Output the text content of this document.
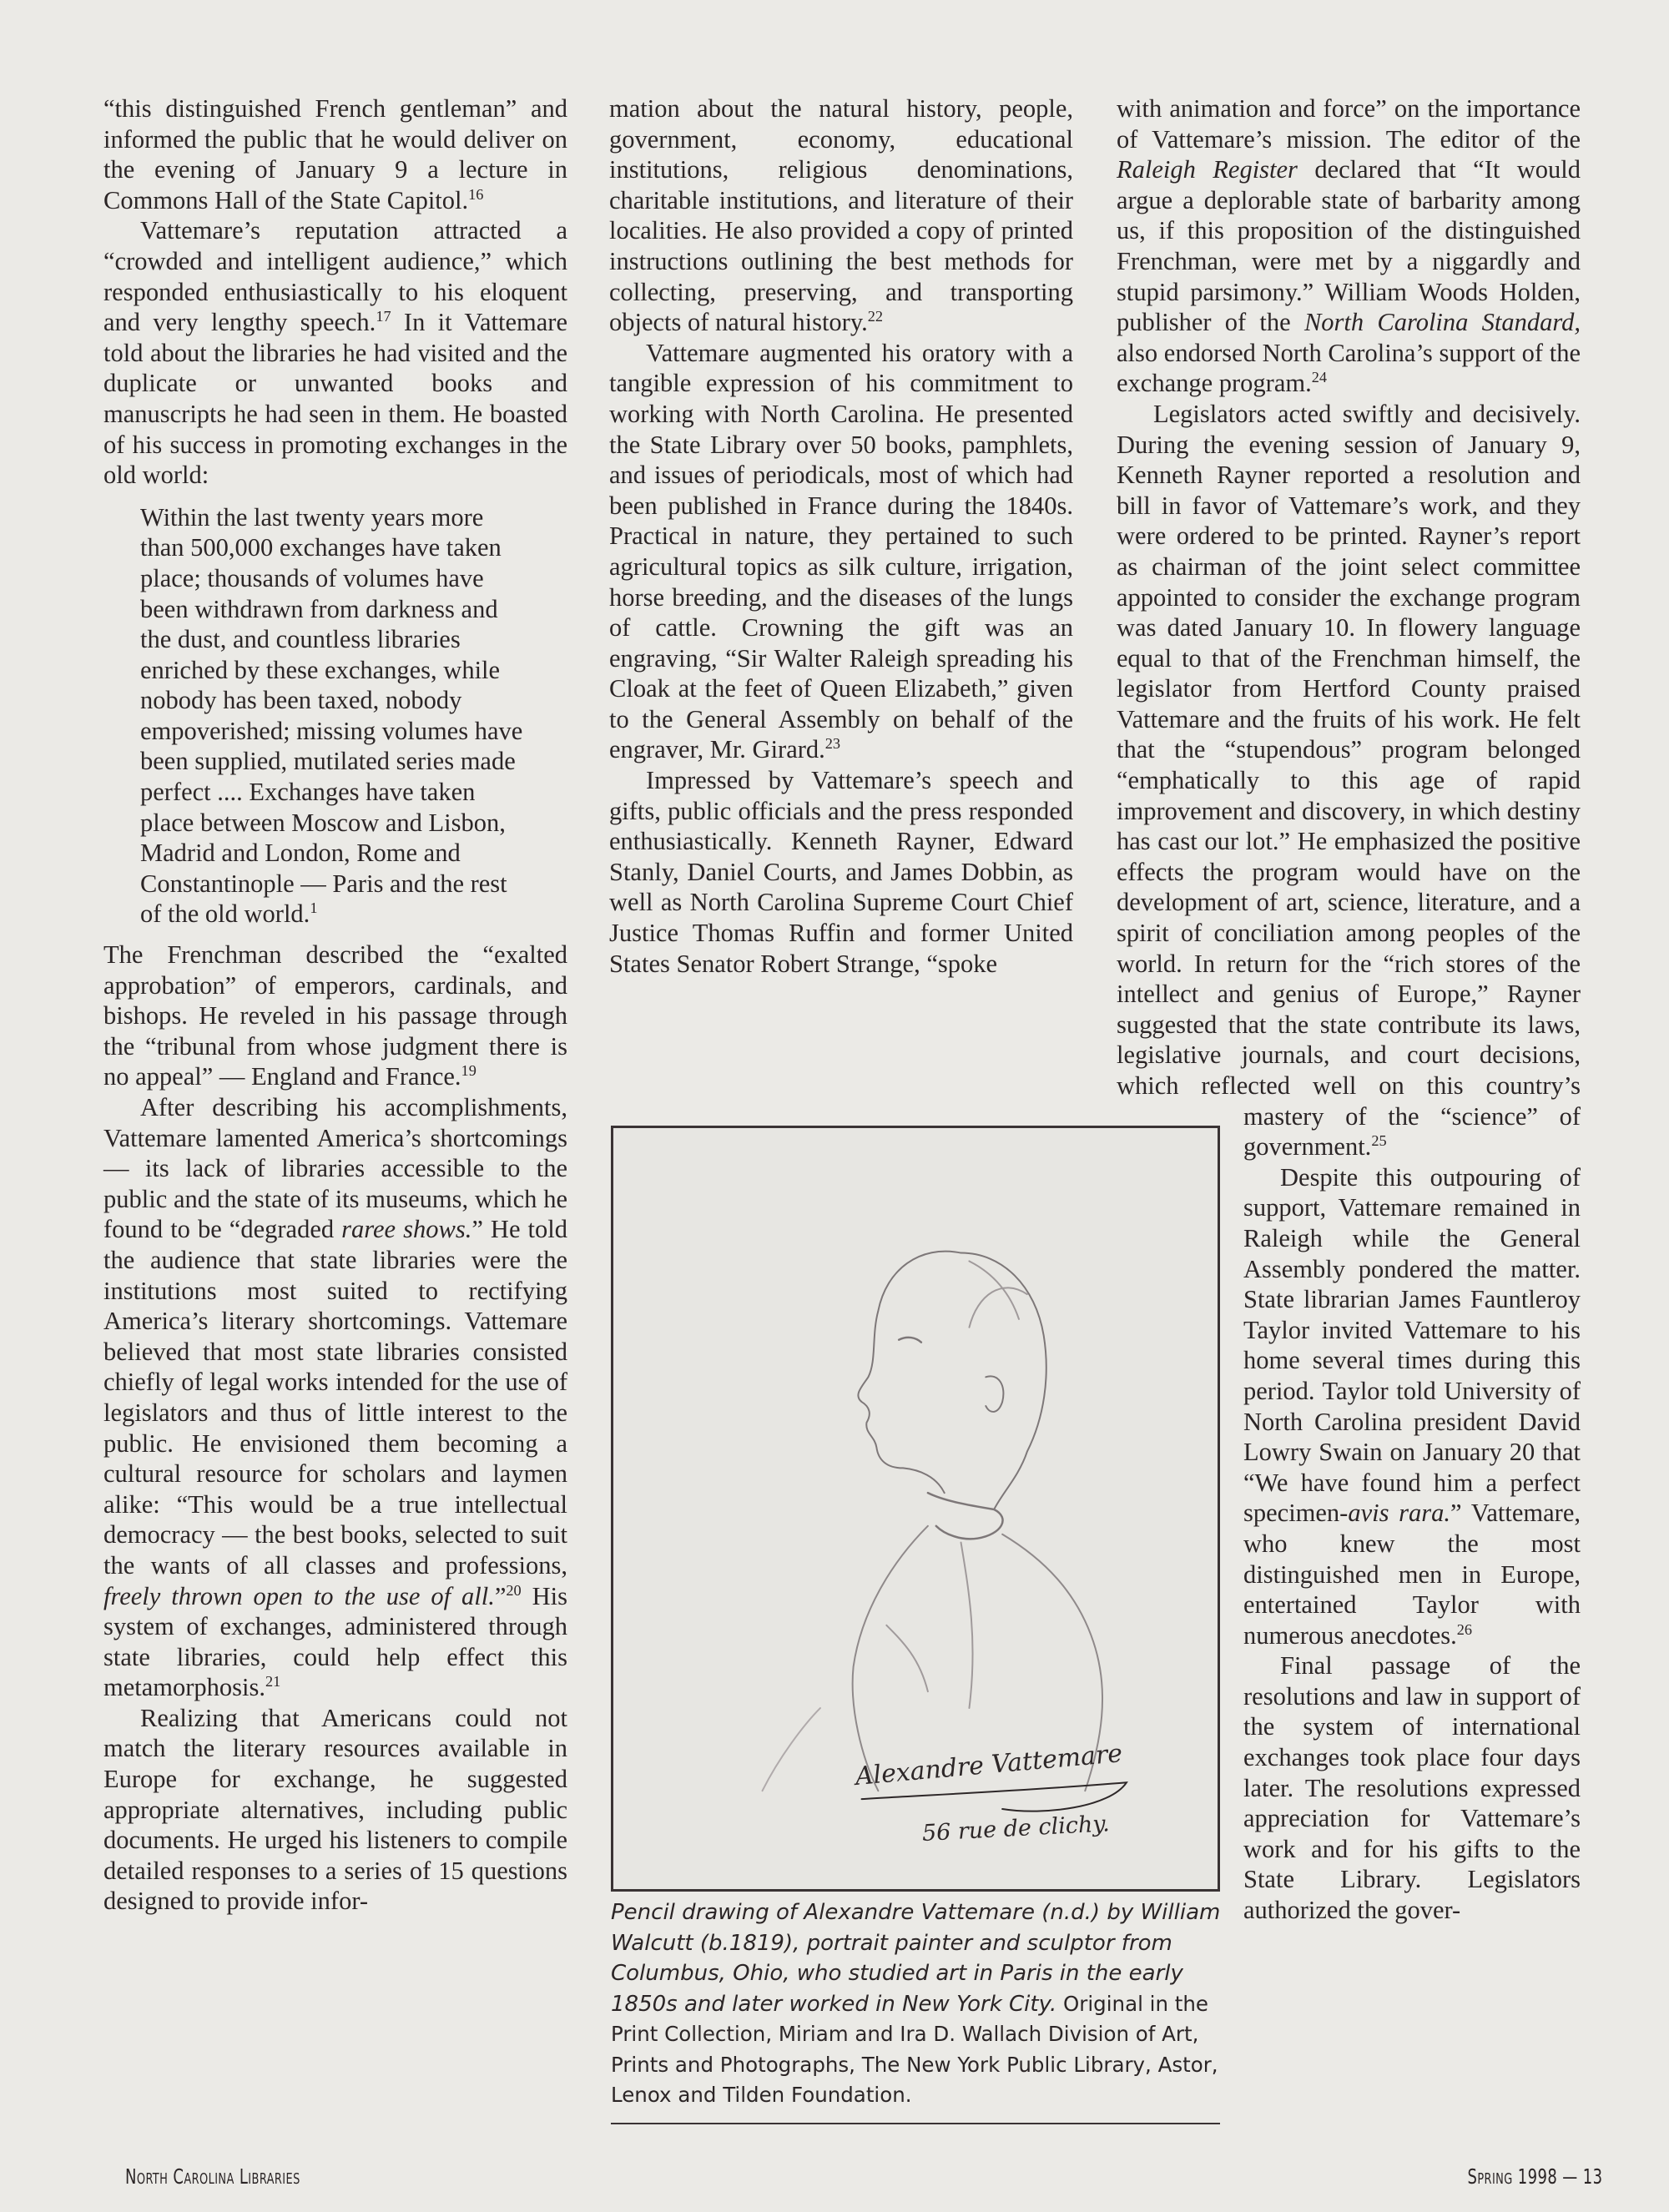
“this distinguished French gentleman” and informed the public that he would deliver on the evening of January 9 a lecture in Commons Hall of the State Capitol.$^{16}$

Vattemare’s reputation attracted a “crowded and intelligent audience,” which responded enthusiastically to his eloquent and very lengthy speech.$^{17}$ In it Vattemare told about the libraries he had visited and the duplicate or unwanted books and manuscripts he had seen in them. He boasted of his success in promoting exchanges in the old world:

Within the last twenty years more than 500,000 exchanges have taken place; thousands of volumes have been withdrawn from darkness and the dust, and countless libraries enriched by these exchanges, while nobody has been taxed, nobody empoverished; missing volumes have been supplied, mutilated series made perfect .... Exchanges have taken place between Moscow and Lisbon, Madrid and London, Rome and Constantinople — Paris and the rest of the old world.$^1$

The Frenchman described the “exalted approbation” of emperors, cardinals, and bishops. He reveled in his passage through the “tribunal from whose judgment there is no appeal” — England and France.$^{19}$

After describing his accomplishments, Vattemare lamented America’s shortcomings — its lack of libraries accessible to the public and the state of its museums, which he found to be “degraded raree shows.” He told the audience that state libraries were the institutions most suited to rectifying America’s literary shortcomings. Vattemare believed that most state libraries consisted chiefly of legal works intended for the use of legislators and thus of little interest to the public. He envisioned them becoming a cultural resource for scholars and laymen alike: “This would be a true intellectual democracy — the best books, selected to suit the wants of all classes and professions, freely thrown open to the use of all.”$^{20}$ His system of exchanges, administered through state libraries, could help effect this metamorphosis.$^{21}$

Realizing that Americans could not match the literary resources available in Europe for exchange, he suggested appropriate alternatives, including public documents. He urged his listeners to compile detailed responses to a series of 15 questions designed to provide infor-

mation about the natural history, people, government, economy, educational institutions, religious denominations, charitable institutions, and literature of their localities. He also provided a copy of printed instructions outlining the best methods for collecting, preserving, and transporting objects of natural history.$^{22}$

Vattemare augmented his oratory with a tangible expression of his commitment to working with North Carolina. He presented the State Library over 50 books, pamphlets, and issues of periodicals, most of which had been published in France during the 1840s. Practical in nature, they pertained to such agricultural topics as silk culture, irrigation, horse breeding, and the diseases of the lungs of cattle. Crowning the gift was an engraving, “Sir Walter Raleigh spreading his Cloak at the feet of Queen Elizabeth,” given to the General Assembly on behalf of the engraver, Mr. Girard.$^{23}$

Impressed by Vattemare’s speech and gifts, public officials and the press responded enthusiastically. Kenneth Rayner, Edward Stanly, Daniel Courts, and James Dobbin, as well as North Carolina Supreme Court Chief Justice Thomas Ruffin and former United States Senator Robert Strange, “spoke

with animation and force” on the importance of Vattemare’s mission. The editor of the Raleigh Register declared that “It would argue a deplorable state of barbarity among us, if this proposition of the distinguished Frenchman, were met by a niggardly and stupid parsimony.” William Woods Holden, publisher of the North Carolina Standard, also endorsed North Carolina’s support of the exchange program.$^{24}$

Legislators acted swiftly and decisively. During the evening session of January 9, Kenneth Rayner reported a resolution and bill in favor of Vattemare’s work, and they were ordered to be printed. Rayner’s report as chairman of the joint select committee appointed to consider the exchange program was dated January 10. In flowery language equal to that of the Frenchman himself, the legislator from Hertford County praised Vattemare and the fruits of his work. He felt that the “stupendous” program belonged “emphatically to this age of rapid improvement and discovery, in which destiny has cast our lot.” He emphasized the positive effects the program would have on the development of art, science, literature, and a spirit of conciliation among peoples of the world. In return for the “rich stores of the intellect and genius of Europe,” Rayner suggested that the state contribute its laws, legislative journals, and court decisions, which reflected well on this country’s mastery of the “science” of government.$^{25}$

Despite this outpouring of support, Vattemare remained in Raleigh while the General Assembly pondered the matter. State librarian James Fauntleroy Taylor invited Vattemare to his home several times during this period. Taylor told University of North Carolina president David Lowry Swain on January 20 that “We have found him a perfect specimen-avis rara.” Vattemare, who knew the most distinguished men in Europe, entertained Taylor with numerous anecdotes.$^{26}$

Final passage of the resolutions and law in support of the system of international exchanges took place four days later. The resolutions expressed appreciation for Vattemare’s work and for his gifts to the State Library. Legislators authorized the gover-

Alexandre Vattemare
56 rue de clichy.
Pencil drawing of Alexandre Vattemare (n.d.) by William Walcutt (b.1819), portrait painter and sculptor from Columbus, Ohio, who studied art in Paris in the early 1850s and later worked in New York City. Original in the Print Collection, Miriam and Ira D. Wallach Division of Art, Prints and Photographs, The New York Public Library, Astor, Lenox and Tilden Foundation.
North Carolina Libraries	Spring 1998 — 13
